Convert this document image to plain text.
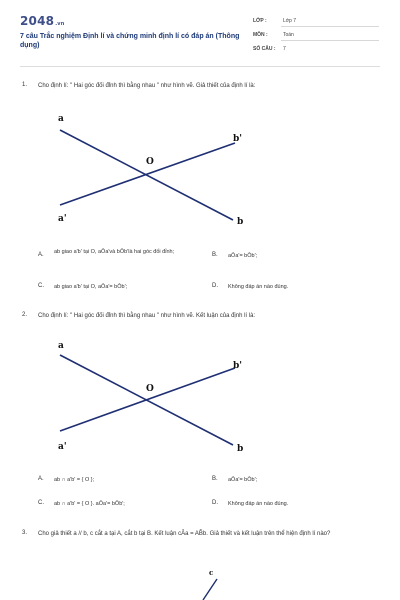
2048.vn
7 câu Trắc nghiệm Định lí và chứng minh định lí có đáp án (Thông dụng)
LỚP :	Lớp 7
MÔN :	Toán
SỐ CÂU : 7
1. Cho định lí: " Hai góc đối đỉnh thì bằng nhau " như hình vẽ. Giả thiết của định lí là:
a
b'
O
a'	b
A. ab giao a'b' tại O, aÔa'và bÔb'là hai góc đối đỉnh;	B. aÔa'= bÔb';
C. ab giao a'b' tại O, aÔa'= bÔb';	D. Không đáp án nào đúng.
2. Cho định lí: " Hai góc đối đỉnh thì bằng nhau " như hình vẽ. Kết luận của định lí là:
a
b'
O
a'	b
A. ab ∩ a'b' = { O };	B. aÔa'= bÔb';
C. ab ∩ a'b' = { O }. aÔa'= bÔb';	D. Không đáp án nào đúng.
3. Cho giả thiết a // b, c cắt a tại A, cắt b tại B. Kết luận cÂa = AB̂b. Giả thiết và kết luận trên thể hiện định lí nào?
c
